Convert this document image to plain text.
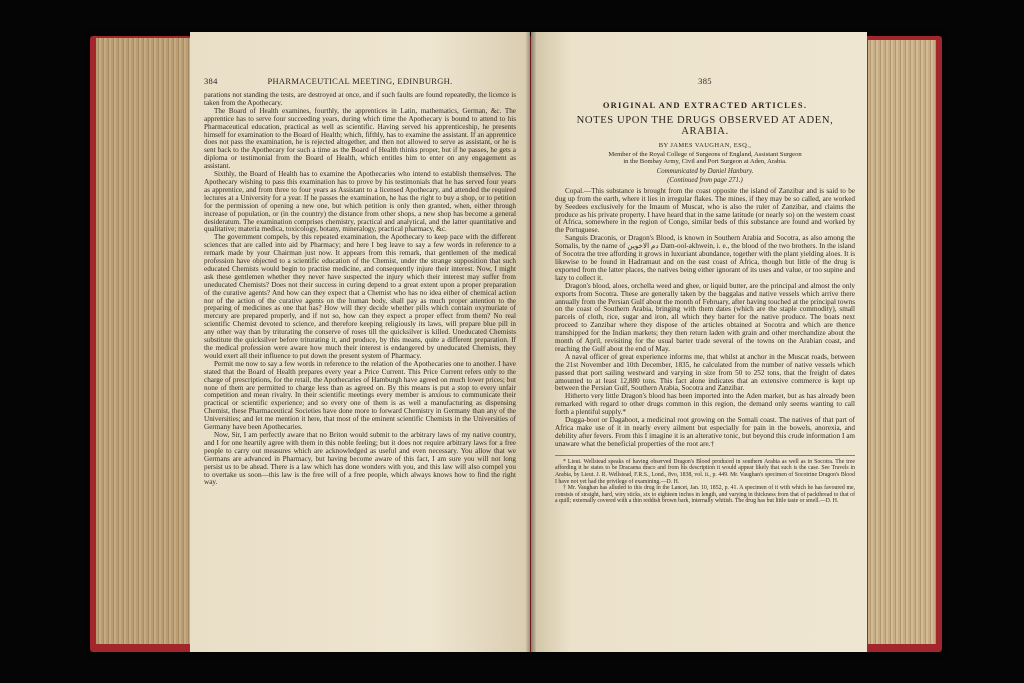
384	PHARMACEUTICAL MEETING, EDINBURGH.

parations not standing the tests, are destroyed at once, and if such faults are found repeatedly, the licence is taken from the Apothecary.

The Board of Health examines, fourthly, the apprentices in Latin, mathematics, German, &c. The apprentice has to serve four succeeding years, during which time the Apothecary is bound to attend to his Pharmaceutical education, practical as well as scientific. Having served his apprenticeship, he presents himself for examination to the Board of Health; which, fifthly, has to examine the assistant. If an apprentice does not pass the examination, he is rejected altogether, and then not allowed to serve as assistant, or he is sent back to the Apothecary for such a time as the Board of Health thinks proper, but if he passes, he gets a diploma or testimonial from the Board of Health, which entitles him to enter on any engagement as assistant.

Sixthly, the Board of Health has to examine the Apothecaries who intend to establish themselves. The Apothecary wishing to pass this examination has to prove by his testimonials that he has served four years as apprentice, and from three to four years as Assistant to a licensed Apothecary, and attended the required lectures at a University for a year. If he passes the examination, he has the right to buy a shop, or to petition for the permission of opening a new one, but which petition is only then granted, when, either through increase of population, or (in the country) the distance from other shops, a new shop has become a general desideratum. The examination comprises chemistry, practical and analytical, and the latter quantitative and qualitative; materia medica, toxicology, botany, mineralogy, practical pharmacy, &c.

The government compels, by this repeated examination, the Apothecary to keep pace with the different sciences that are called into aid by Pharmacy; and here I beg leave to say a few words in reference to a remark made by your Chairman just now. It appears from this remark, that gentlemen of the medical profession have objected to a scientific education of the Chemist, under the strange supposition that such educated Chemists would begin to practise medicine, and consequently injure their interest. Now, I might ask these gentlemen whether they never have suspected the injury which their interest may suffer from uneducated Chemists? Does not their success in curing depend to a great extent upon a proper preparation of the curative agents? And how can they expect that a Chemist who has no idea either of chemical action nor of the action of the curative agents on the human body, shall pay as much proper attention to the preparing of medicines as one that has? How will they decide whether pills which contain oxymuriate of mercury are prepared properly, and if not so, how can they expect a proper effect from them? No real scientific Chemist devoted to science, and therefore keeping religiously its laws, will prepare blue pill in any other way than by triturating the conserve of roses till the quicksilver is killed. Uneducated Chemists substitute the quicksilver before triturating it, and produce, by this means, quite a different preparation. If the medical profession were aware how much their interest is endangered by uneducated Chemists, they would exert all their influence to put down the present system of Pharmacy.

Permit me now to say a few words in reference to the relation of the Apothecaries one to another. I have stated that the Board of Health prepares every year a Price Current. This Price Current refers only to the charge of prescriptions, for the retail, the Apothecaries of Hamburgh have agreed on much lower prices; but none of them are permitted to charge less than as agreed on. By this means is put a stop to every unfair competition and mean rivalry. In their scientific meetings every member is anxious to communicate their practical or scientific experience; and so every one of them is as well a manufacturing as dispensing Chemist, these Pharmaceutical Societies have done more to forward Chemistry in Germany than any of the Universities; and let me mention it here, that most of the eminent scientific Chemists in the Universities of Germany have been Apothecaries.

Now, Sir, I am perfectly aware that no Briton would submit to the arbitrary laws of my native country, and I for one heartily agree with them in this noble feeling; but it does not require arbitrary laws for a free people to carry out measures which are acknowledged as useful and even necessary. You allow that we Germans are advanced in Pharmacy, but having become aware of this fact, I am sure you will not long persist us to be ahead. There is a law which has done wonders with you, and this law will also compel you to overtake us soon—this law is the free will of a free people, which always knows how to find the right way.

385
ORIGINAL AND EXTRACTED ARTICLES.
NOTES UPON THE DRUGS OBSERVED AT ADEN, ARABIA.
BY JAMES VAUGHAN, ESQ.,
Member of the Royal College of Surgeons of England, Assistant Surgeon
in the Bombay Army, Civil and Port Surgeon at Aden, Arabia.
Communicated by Daniel Hanbury.
(Continued from page 271.)

Copal.—This substance is brought from the coast opposite the island of Zanzibar and is said to be dug up from the earth, where it lies in irregular flakes. The mines, if they may be so called, are worked by Seedees exclusively for the Imaum of Muscat, who is also the ruler of Zanzibar, and claims the produce as his private property. I have heard that in the same latitude (or nearly so) on the western coast of Africa, somewhere in the region of Congo, similar beds of this substance are found and worked by the Portuguese.

Sanguis Draconis, or Dragon's Blood, is known in Southern Arabia and Socotra, as also among the Somalis, by the name of دم الاخوين Dam-ool-akhwein, i. e., the blood of the two brothers. In the island of Socotra the tree affording it grows in luxuriant abundance, together with the plant yielding aloes. It is likewise to be found in Hadramaut and on the east coast of Africa, though but little of the drug is exported from the latter places, the natives being either ignorant of its uses and value, or too supine and lazy to collect it.

Dragon's blood, aloes, orchella weed and ghee, or liquid butter, are the principal and almost the only exports from Socotra. These are generally taken by the baggalas and native vessels which arrive there annually from the Persian Gulf about the month of February, after having touched at the principal towns on the coast of Southern Arabia, bringing with them dates (which are the staple commodity), small parcels of cloth, rice, sugar and iron, all which they barter for the native produce. The boats next proceed to Zanzibar where they dispose of the articles obtained at Socotra and which are thence transhipped for the Indian markets; they then return laden with grain and other merchandize about the month of April, revisiting for the usual barter trade several of the towns on the Arabian coast, and reaching the Gulf about the end of May.

A naval officer of great experience informs me, that whilst at anchor in the Muscat roads, between the 21st November and 10th December, 1835, he calculated from the number of native vessels which passed that port sailing westward and varying in size from 50 to 252 tons, that the freight of dates amounted to at least 12,880 tons. This fact alone indicates that an extensive commerce is kept up between the Persian Gulf, Southern Arabia, Socotra and Zanzibar.

Hitherto very little Dragon's blood has been imported into the Aden market, but as has already been remarked with regard to other drugs common in this region, the demand only seems wanting to call forth a plentiful supply.*

Dugga-boot or Dagaboot, a medicinal root growing on the Somali coast. The natives of that part of Africa make use of it in nearly every ailment but especially for pain in the bowels, anorexia, and debility after fevers. From this I imagine it is an alterative tonic, but beyond this crude information I am unaware what the beneficial properties of the root are.†

* Lieut. Wellstead speaks of having observed Dragon's Blood produced in southern Arabia as well as in Socotra. The tree affording it he states to be Dracaena draco and from his description it would appear likely that such is the case. See Travels in Arabia, by Lieut. J. R. Wellstead, F.R.S., Lond., 8vo, 1838, vol. ii., p. 449. Mr. Vaughan's specimen of Socotrine Dragon's Blood I have not yet had the privilege of examining.—D. H.

† Mr. Vaughan has alluded to this drug in the Lancet, Jan. 10, 1852, p. 41. A specimen of it with which he has favoured me, consists of straight, hard, wiry sticks, six to eighteen inches in length, and varying in thickness from that of packthread to that of a quill; externally covered with a thin reddish brown bark, internally whitish. The drug has but little taste or smell.—D. H.
